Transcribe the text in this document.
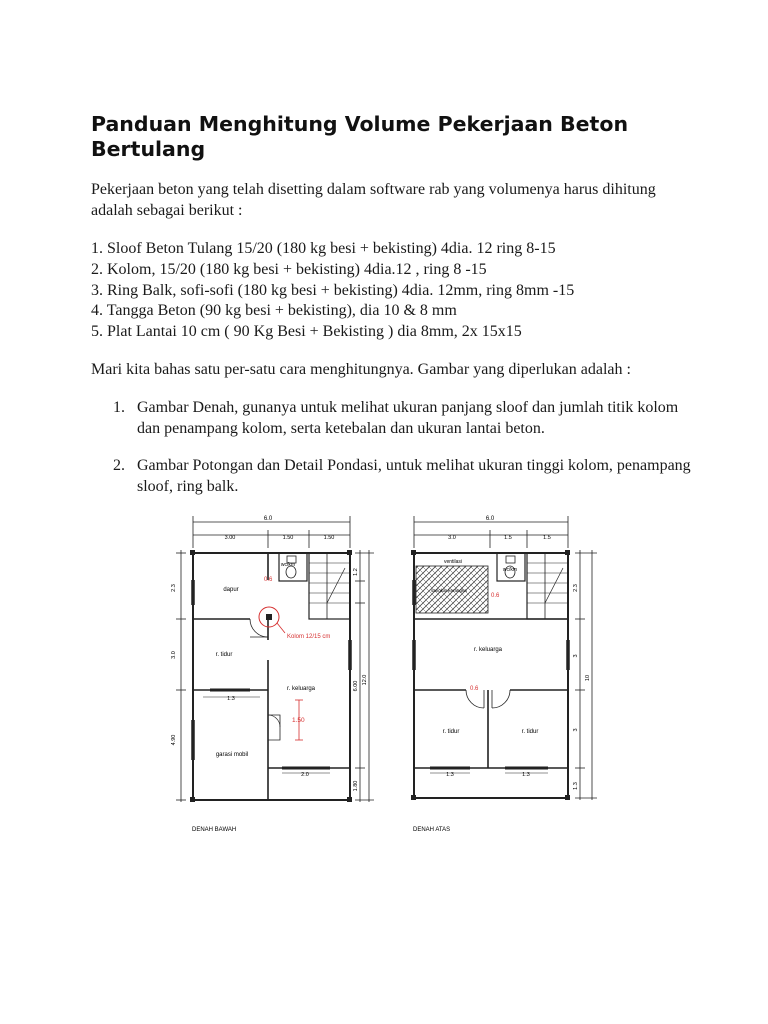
Panduan Menghitung Volume Pekerjaan Beton Bertulang
Pekerjaan beton yang telah disetting dalam software rab yang volumenya harus dihitung adalah sebagai berikut :
1. Sloof Beton Tulang 15/20 (180 kg besi + bekisting) 4dia. 12 ring 8-15
2. Kolom, 15/20 (180 kg besi + bekisting) 4dia.12 , ring 8 -15
3. Ring Balk, sofi-sofi (180 kg besi + bekisting) 4dia. 12mm, ring 8mm -15
4. Tangga Beton (90 kg besi + bekisting), dia 10 & 8 mm
5. Plat Lantai 10 cm ( 90 Kg Besi + Bekisting ) dia 8mm, 2x 15x15
Mari kita bahas satu per-satu cara menghitungnya. Gambar yang diperlukan adalah :
1. Gambar Denah, gunanya untuk melihat ukuran panjang sloof dan jumlah titik kolom dan penampang kolom, serta ketebalan dan ukuran lantai beton.
2. Gambar Potongan dan Detail Pondasi, untuk melihat ukuran tinggi kolom, penampang sloof, ring balk.
6.0
3.00	1.50	1.50
2.3
3.0
4.90
12.0
6.00
1.80
1.2
1.3
2.0
dapur
wc/km
r. tidur
r. keluarga
garasi mobil
Kolom 12/15 cm
0.6
1.50
DENAH BAWAH
6.0
3.0	1.5	1.5
2.3
3
3
10
1.3
1.3	1.3
ventilasi
wc/km
r. keluarga
r. tidur	r. tidur
sangkar kerangka
0.6
0.6
DENAH ATAS
